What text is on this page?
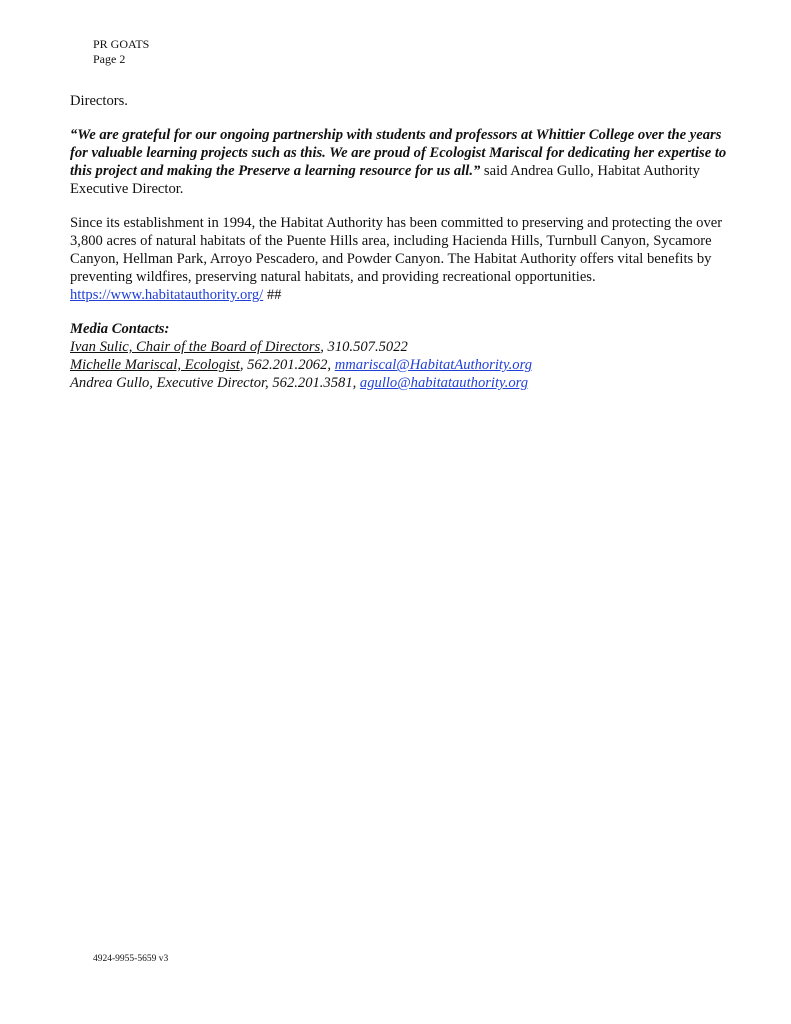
PR GOATS
Page 2

Directors.

“We are grateful for our ongoing partnership with students and professors at Whittier College over the years for valuable learning projects such as this. We are proud of Ecologist Mariscal for dedicating her expertise to this project and making the Preserve a learning resource for us all.” said Andrea Gullo, Habitat Authority Executive Director.

Since its establishment in 1994, the Habitat Authority has been committed to preserving and protecting the over 3,800 acres of natural habitats of the Puente Hills area, including Hacienda Hills, Turnbull Canyon, Sycamore Canyon, Hellman Park, Arroyo Pescadero, and Powder Canyon. The Habitat Authority offers vital benefits by preventing wildfires, preserving natural habitats, and providing recreational opportunities. https://www.habitatauthority.org/ ##

Media Contacts:
Ivan Sulic, Chair of the Board of Directors, 310.507.5022
Michelle Mariscal, Ecologist, 562.201.2062, mmariscal@HabitatAuthority.org
Andrea Gullo, Executive Director, 562.201.3581, agullo@habitatauthority.org
4924-9955-5659 v3
